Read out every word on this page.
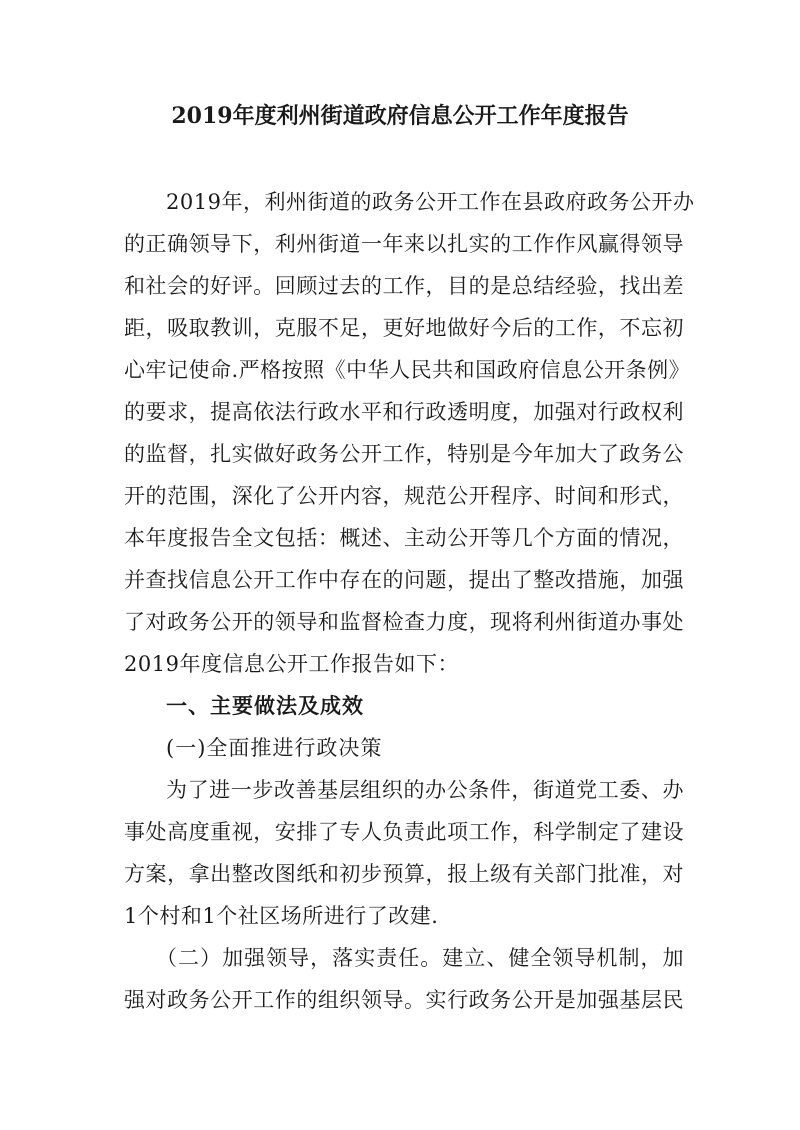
2019年度利州街道政府信息公开工作年度报告
2019年，利州街道的政务公开工作在县政府政务公开办
的正确领导下，利州街道一年来以扎实的工作作风赢得领导
和社会的好评。回顾过去的工作，目的是总结经验，找出差
距，吸取教训，克服不足，更好地做好今后的工作，不忘初
心牢记使命.严格按照《中华人民共和国政府信息公开条例》
的要求，提高依法行政水平和行政透明度，加强对行政权利
的监督，扎实做好政务公开工作，特别是今年加大了政务公
开的范围，深化了公开内容，规范公开程序、时间和形式，
本年度报告全文包括：概述、主动公开等几个方面的情况，
并查找信息公开工作中存在的问题，提出了整改措施，加强
了对政务公开的领导和监督检查力度，现将利州街道办事处
2019年度信息公开工作报告如下：
一、主要做法及成效
(一)全面推进行政决策
为了进一步改善基层组织的办公条件，街道党工委、办
事处高度重视，安排了专人负责此项工作，科学制定了建设
方案，拿出整改图纸和初步预算，报上级有关部门批准，对
1个村和1个社区场所进行了改建.
（二）加强领导，落实责任。建立、健全领导机制，加
强对政务公开工作的组织领导。实行政务公开是加强基层民
